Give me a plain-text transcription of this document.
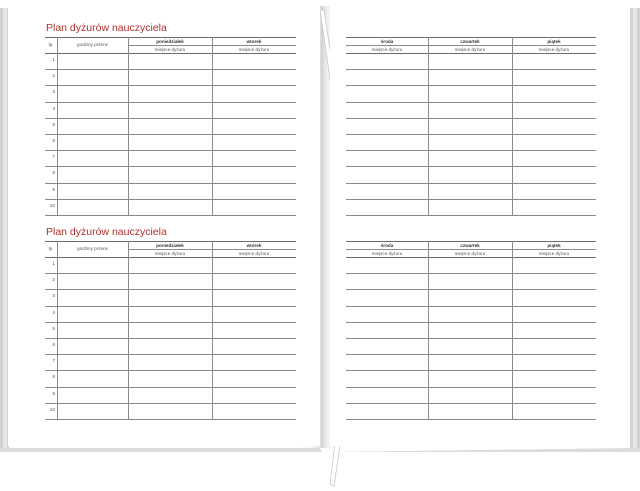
Plan dyżurów nauczyciela
lp.	godziny przerw
poniedziałek
miejsce dyżuru
wtorek
miejsce dyżuru
1
2
3
4
5
6
7
8
9
10
środa
miejsce dyżuru
czwartek
miejsce dyżuru
piątek
miejsce dyżuru
Plan dyżurów nauczyciela
lp.	godziny przerw
poniedziałek
miejsce dyżuru
wtorek
miejsce dyżuru
1
2
3
4
5
6
7
8
9
10
środa
miejsce dyżuru
czwartek
miejsce dyżuru
piątek
miejsce dyżuru
